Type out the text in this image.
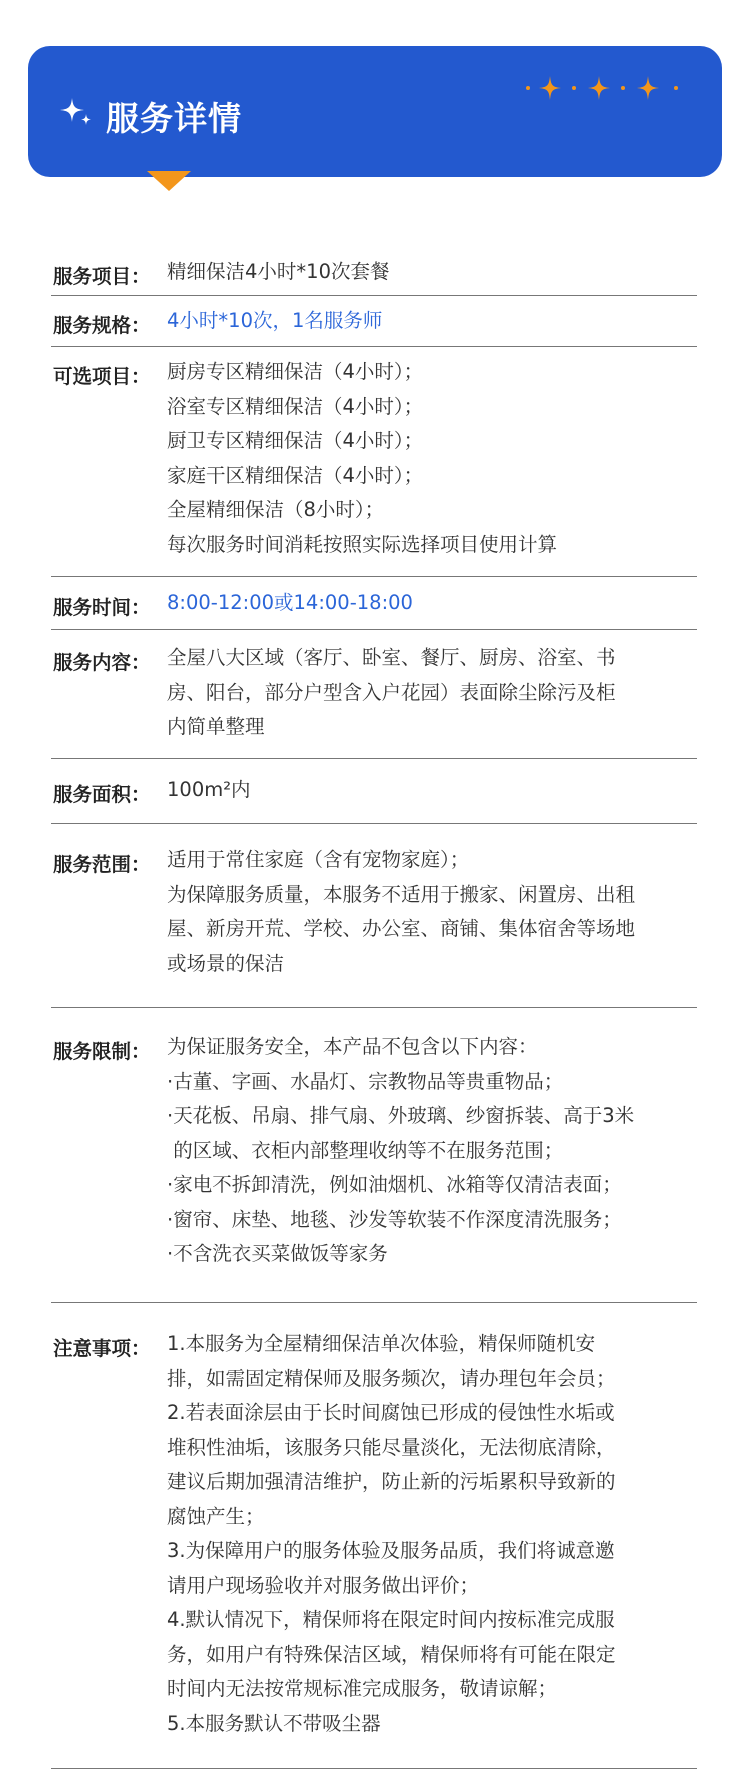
服务详情
服务项目： 精细保洁4小时*10次套餐
服务规格： 4小时*10次，1名服务师
可选项目： 厨房专区精细保洁（4小时）；
浴室专区精细保洁（4小时）；
厨卫专区精细保洁（4小时）；
家庭干区精细保洁（4小时）；
全屋精细保洁（8小时）；
每次服务时间消耗按照实际选择项目使用计算
服务时间： 8:00-12:00或14:00-18:00
服务内容： 全屋八大区域（客厅、卧室、餐厅、厨房、浴室、书
房、阳台，部分户型含入户花园）表面除尘除污及柜
内简单整理
服务面积： 100m²内
服务范围： 适用于常住家庭（含有宠物家庭）；
为保障服务质量，本服务不适用于搬家、闲置房、出租
屋、新房开荒、学校、办公室、商铺、集体宿舍等场地
或场景的保洁
服务限制： 为保证服务安全，本产品不包含以下内容：
·古董、字画、水晶灯、宗教物品等贵重物品；
·天花板、吊扇、排气扇、外玻璃、纱窗拆装、高于3米
的区域、衣柜内部整理收纳等不在服务范围；
·家电不拆卸清洗，例如油烟机、冰箱等仅清洁表面；
·窗帘、床垫、地毯、沙发等软装不作深度清洗服务；
·不含洗衣买菜做饭等家务
注意事项： 1.本服务为全屋精细保洁单次体验，精保师随机安
排，如需固定精保师及服务频次，请办理包年会员；
2.若表面涂层由于长时间腐蚀已形成的侵蚀性水垢或
堆积性油垢，该服务只能尽量淡化，无法彻底清除，
建议后期加强清洁维护，防止新的污垢累积导致新的
腐蚀产生；
3.为保障用户的服务体验及服务品质，我们将诚意邀
请用户现场验收并对服务做出评价；
4.默认情况下，精保师将在限定时间内按标准完成服
务，如用户有特殊保洁区域，精保师将有可能在限定
时间内无法按常规标准完成服务，敬请谅解；
5.本服务默认不带吸尘器
